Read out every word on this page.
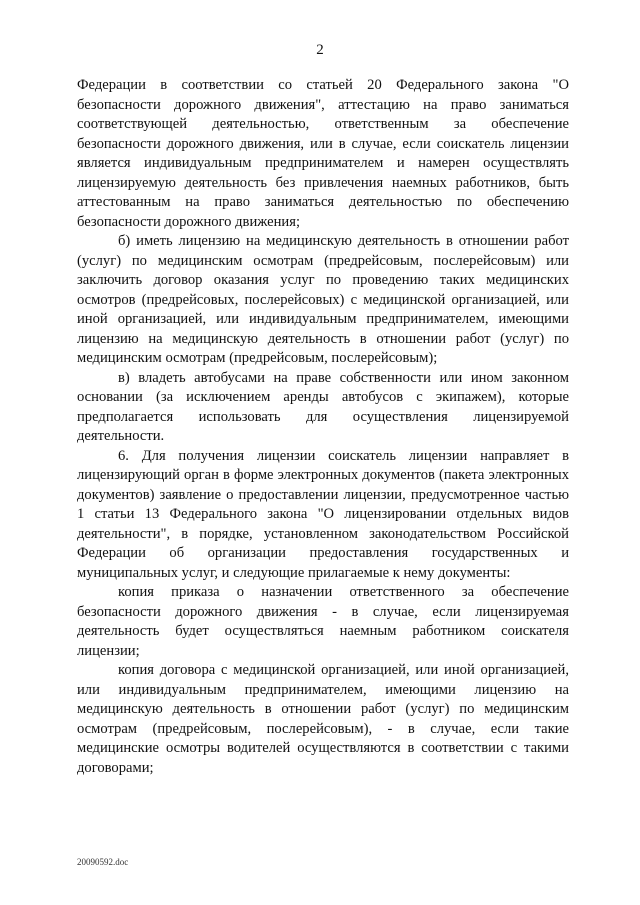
2

Федерации в соответствии со статьей 20 Федерального закона "О безопасности дорожного движения", аттестацию на право заниматься соответствующей деятельностью, ответственным за обеспечение безопасности дорожного движения, или в случае, если соискатель лицензии является индивидуальным предпринимателем и намерен осуществлять лицензируемую деятельность без привлечения наемных работников, быть аттестованным на право заниматься деятельностью по обеспечению безопасности дорожного движения;

б) иметь лицензию на медицинскую деятельность в отношении работ (услуг) по медицинским осмотрам (предрейсовым, послерейсовым) или заключить договор оказания услуг по проведению таких медицинских осмотров (предрейсовых, послерейсовых) с медицинской организацией, или иной организацией, или индивидуальным предпринимателем, имеющими лицензию на медицинскую деятельность в отношении работ (услуг) по медицинским осмотрам (предрейсовым, послерейсовым);

в) владеть автобусами на праве собственности или ином законном основании (за исключением аренды автобусов с экипажем), которые предполагается использовать для осуществления лицензируемой деятельности.

6. Для получения лицензии соискатель лицензии направляет в лицензирующий орган в форме электронных документов (пакета электронных документов) заявление о предоставлении лицензии, предусмотренное частью 1 статьи 13 Федерального закона "О лицензировании отдельных видов деятельности", в порядке, установленном законодательством Российской Федерации об организации предоставления государственных и муниципальных услуг, и следующие прилагаемые к нему документы:

копия приказа о назначении ответственного за обеспечение безопасности дорожного движения - в случае, если лицензируемая деятельность будет осуществляться наемным работником соискателя лицензии;

копия договора с медицинской организацией, или иной организацией, или индивидуальным предпринимателем, имеющими лицензию на медицинскую деятельность в отношении работ (услуг) по медицинским осмотрам (предрейсовым, послерейсовым), - в случае, если такие медицинские осмотры водителей осуществляются в соответствии с такими договорами;

20090592.doc
